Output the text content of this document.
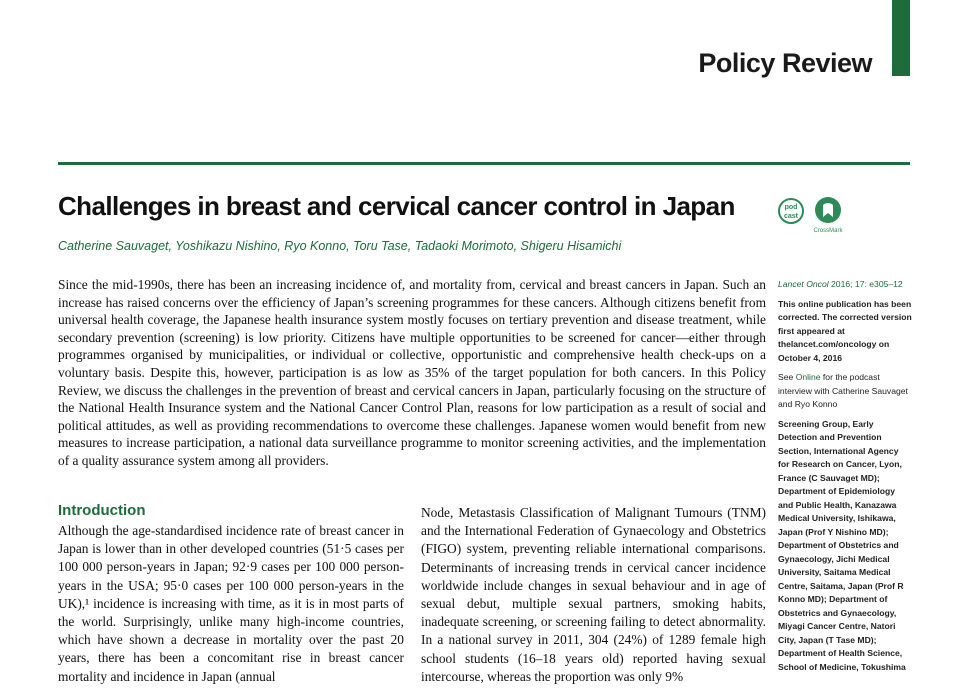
Policy Review
Challenges in breast and cervical cancer control in Japan
Catherine Sauvaget, Yoshikazu Nishino, Ryo Konno, Toru Tase, Tadaoki Morimoto, Shigeru Hisamichi
pod cast
CrossMark

Since the mid-1990s, there has been an increasing incidence of, and mortality from, cervical and breast cancers in Japan. Such an increase has raised concerns over the efficiency of Japan’s screening programmes for these cancers. Although citizens benefit from universal health coverage, the Japanese health insurance system mostly focuses on tertiary prevention and disease treatment, while secondary prevention (screening) is low priority. Citizens have multiple opportunities to be screened for cancer—either through programmes organised by municipalities, or individual or collective, opportunistic and comprehensive health check-ups on a voluntary basis. Despite this, however, participation is as low as 35% of the target population for both cancers. In this Policy Review, we discuss the challenges in the prevention of breast and cervical cancers in Japan, particularly focusing on the structure of the National Health Insurance system and the National Cancer Control Plan, reasons for low participation as a result of social and political attitudes, as well as providing recommendations to overcome these challenges. Japanese women would benefit from new measures to increase participation, a national data surveillance programme to monitor screening activities, and the implementation of a quality assurance system among all providers.

Introduction

Although the age-standardised incidence rate of breast cancer in Japan is lower than in other developed countries (51·5 cases per 100 000 person-years in Japan; 92·9 cases per 100 000 person-years in the USA; 95·0 cases per 100 000 person-years in the UK),¹ incidence is increasing with time, as it is in most parts of the world. Surprisingly, unlike many high-income countries, which have shown a decrease in mortality over the past 20 years, there has been a concomitant rise in breast cancer mortality and incidence in Japan (annual

Node, Metastasis Classification of Malignant Tumours (TNM) and the International Federation of Gynaecology and Obstetrics (FIGO) system, preventing reliable international comparisons. Determinants of increasing trends in cervical cancer incidence worldwide include changes in sexual behaviour and in age of sexual debut, multiple sexual partners, smoking habits, inadequate screening, or screening failing to detect abnormality. In a national survey in 2011, 304 (24%) of 1289 female high school students (16–18 years old) reported having sexual intercourse, whereas the proportion was only 9%

Lancet Oncol 2016; 17: e305–12

This online publication has been corrected. The corrected version first appeared at thelancet.com/oncology on October 4, 2016

See Online for the podcast interview with Catherine Sauvaget and Ryo Konno

Screening Group, Early Detection and Prevention Section, International Agency for Research on Cancer, Lyon, France (C Sauvaget MD); Department of Epidemiology and Public Health, Kanazawa Medical University, Ishikawa, Japan (Prof Y Nishino MD); Department of Obstetrics and Gynaecology, Jichi Medical University, Saitama Medical Centre, Saitama, Japan (Prof R Konno MD); Department of Obstetrics and Gynaecology, Miyagi Cancer Centre, Natori City, Japan (T Tase MD); Department of Health Science, School of Medicine, Tokushima
